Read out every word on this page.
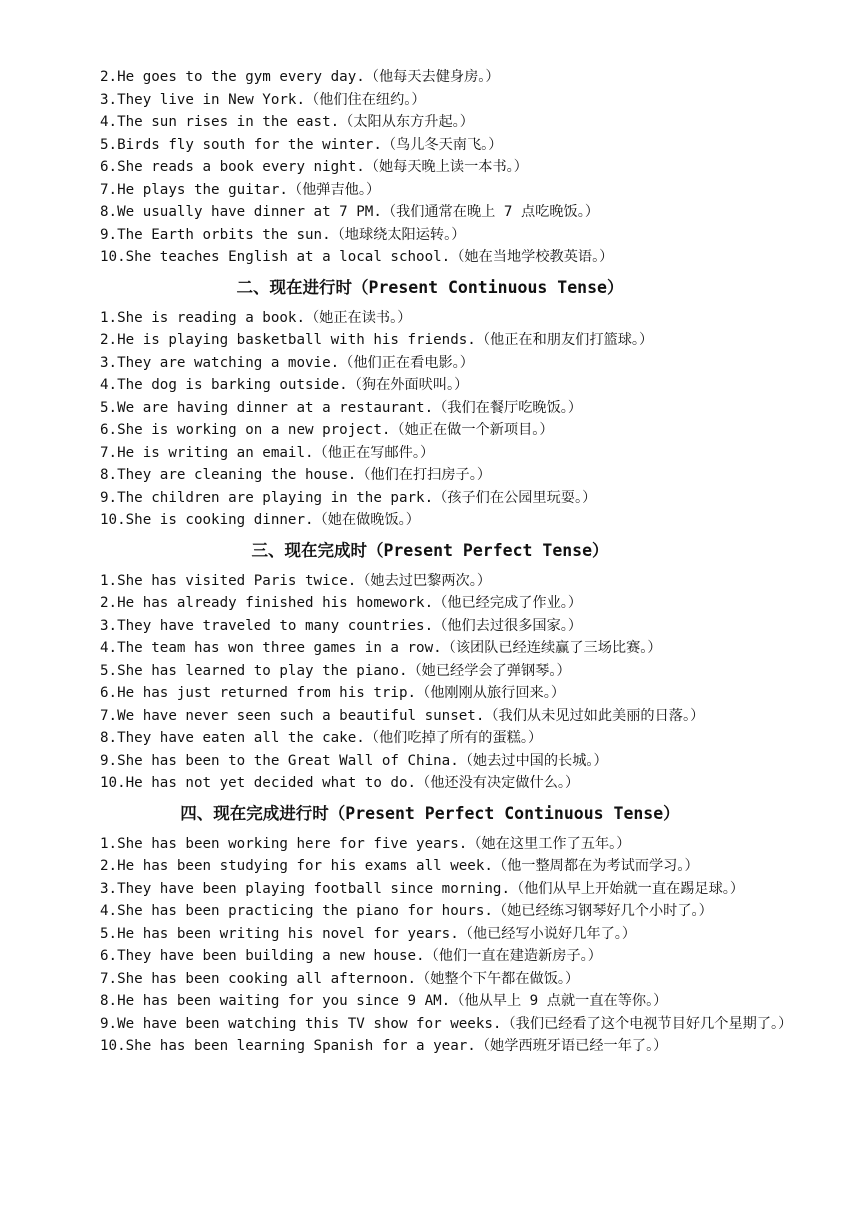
2.He goes to the gym every day.（他每天去健身房。）
3.They live in New York.（他们住在纽约。）
4.The sun rises in the east.（太阳从东方升起。）
5.Birds fly south for the winter.（鸟儿冬天南飞。）
6.She reads a book every night.（她每天晚上读一本书。）
7.He plays the guitar.（他弹吉他。）
8.We usually have dinner at 7 PM.（我们通常在晚上 7 点吃晚饭。）
9.The Earth orbits the sun.（地球绕太阳运转。）
10.She teaches English at a local school.（她在当地学校教英语。）
二、现在进行时（Present Continuous Tense）
1.She is reading a book.（她正在读书。）
2.He is playing basketball with his friends.（他正在和朋友们打篮球。）
3.They are watching a movie.（他们正在看电影。）
4.The dog is barking outside.（狗在外面吠叫。）
5.We are having dinner at a restaurant.（我们在餐厅吃晚饭。）
6.She is working on a new project.（她正在做一个新项目。）
7.He is writing an email.（他正在写邮件。）
8.They are cleaning the house.（他们在打扫房子。）
9.The children are playing in the park.（孩子们在公园里玩耍。）
10.She is cooking dinner.（她在做晚饭。）
三、现在完成时（Present Perfect Tense）
1.She has visited Paris twice.（她去过巴黎两次。）
2.He has already finished his homework.（他已经完成了作业。）
3.They have traveled to many countries.（他们去过很多国家。）
4.The team has won three games in a row.（该团队已经连续赢了三场比赛。）
5.She has learned to play the piano.（她已经学会了弹钢琴。）
6.He has just returned from his trip.（他刚刚从旅行回来。）
7.We have never seen such a beautiful sunset.（我们从未见过如此美丽的日落。）
8.They have eaten all the cake.（他们吃掉了所有的蛋糕。）
9.She has been to the Great Wall of China.（她去过中国的长城。）
10.He has not yet decided what to do.（他还没有决定做什么。）
四、现在完成进行时（Present Perfect Continuous Tense）
1.She has been working here for five years.（她在这里工作了五年。）
2.He has been studying for his exams all week.（他一整周都在为考试而学习。）
3.They have been playing football since morning.（他们从早上开始就一直在踢足球。）
4.She has been practicing the piano for hours.（她已经练习钢琴好几个小时了。）
5.He has been writing his novel for years.（他已经写小说好几年了。）
6.They have been building a new house.（他们一直在建造新房子。）
7.She has been cooking all afternoon.（她整个下午都在做饭。）
8.He has been waiting for you since 9 AM.（他从早上 9 点就一直在等你。）
9.We have been watching this TV show for weeks.（我们已经看了这个电视节目好几个星期了。）
10.She has been learning Spanish for a year.（她学西班牙语已经一年了。）
